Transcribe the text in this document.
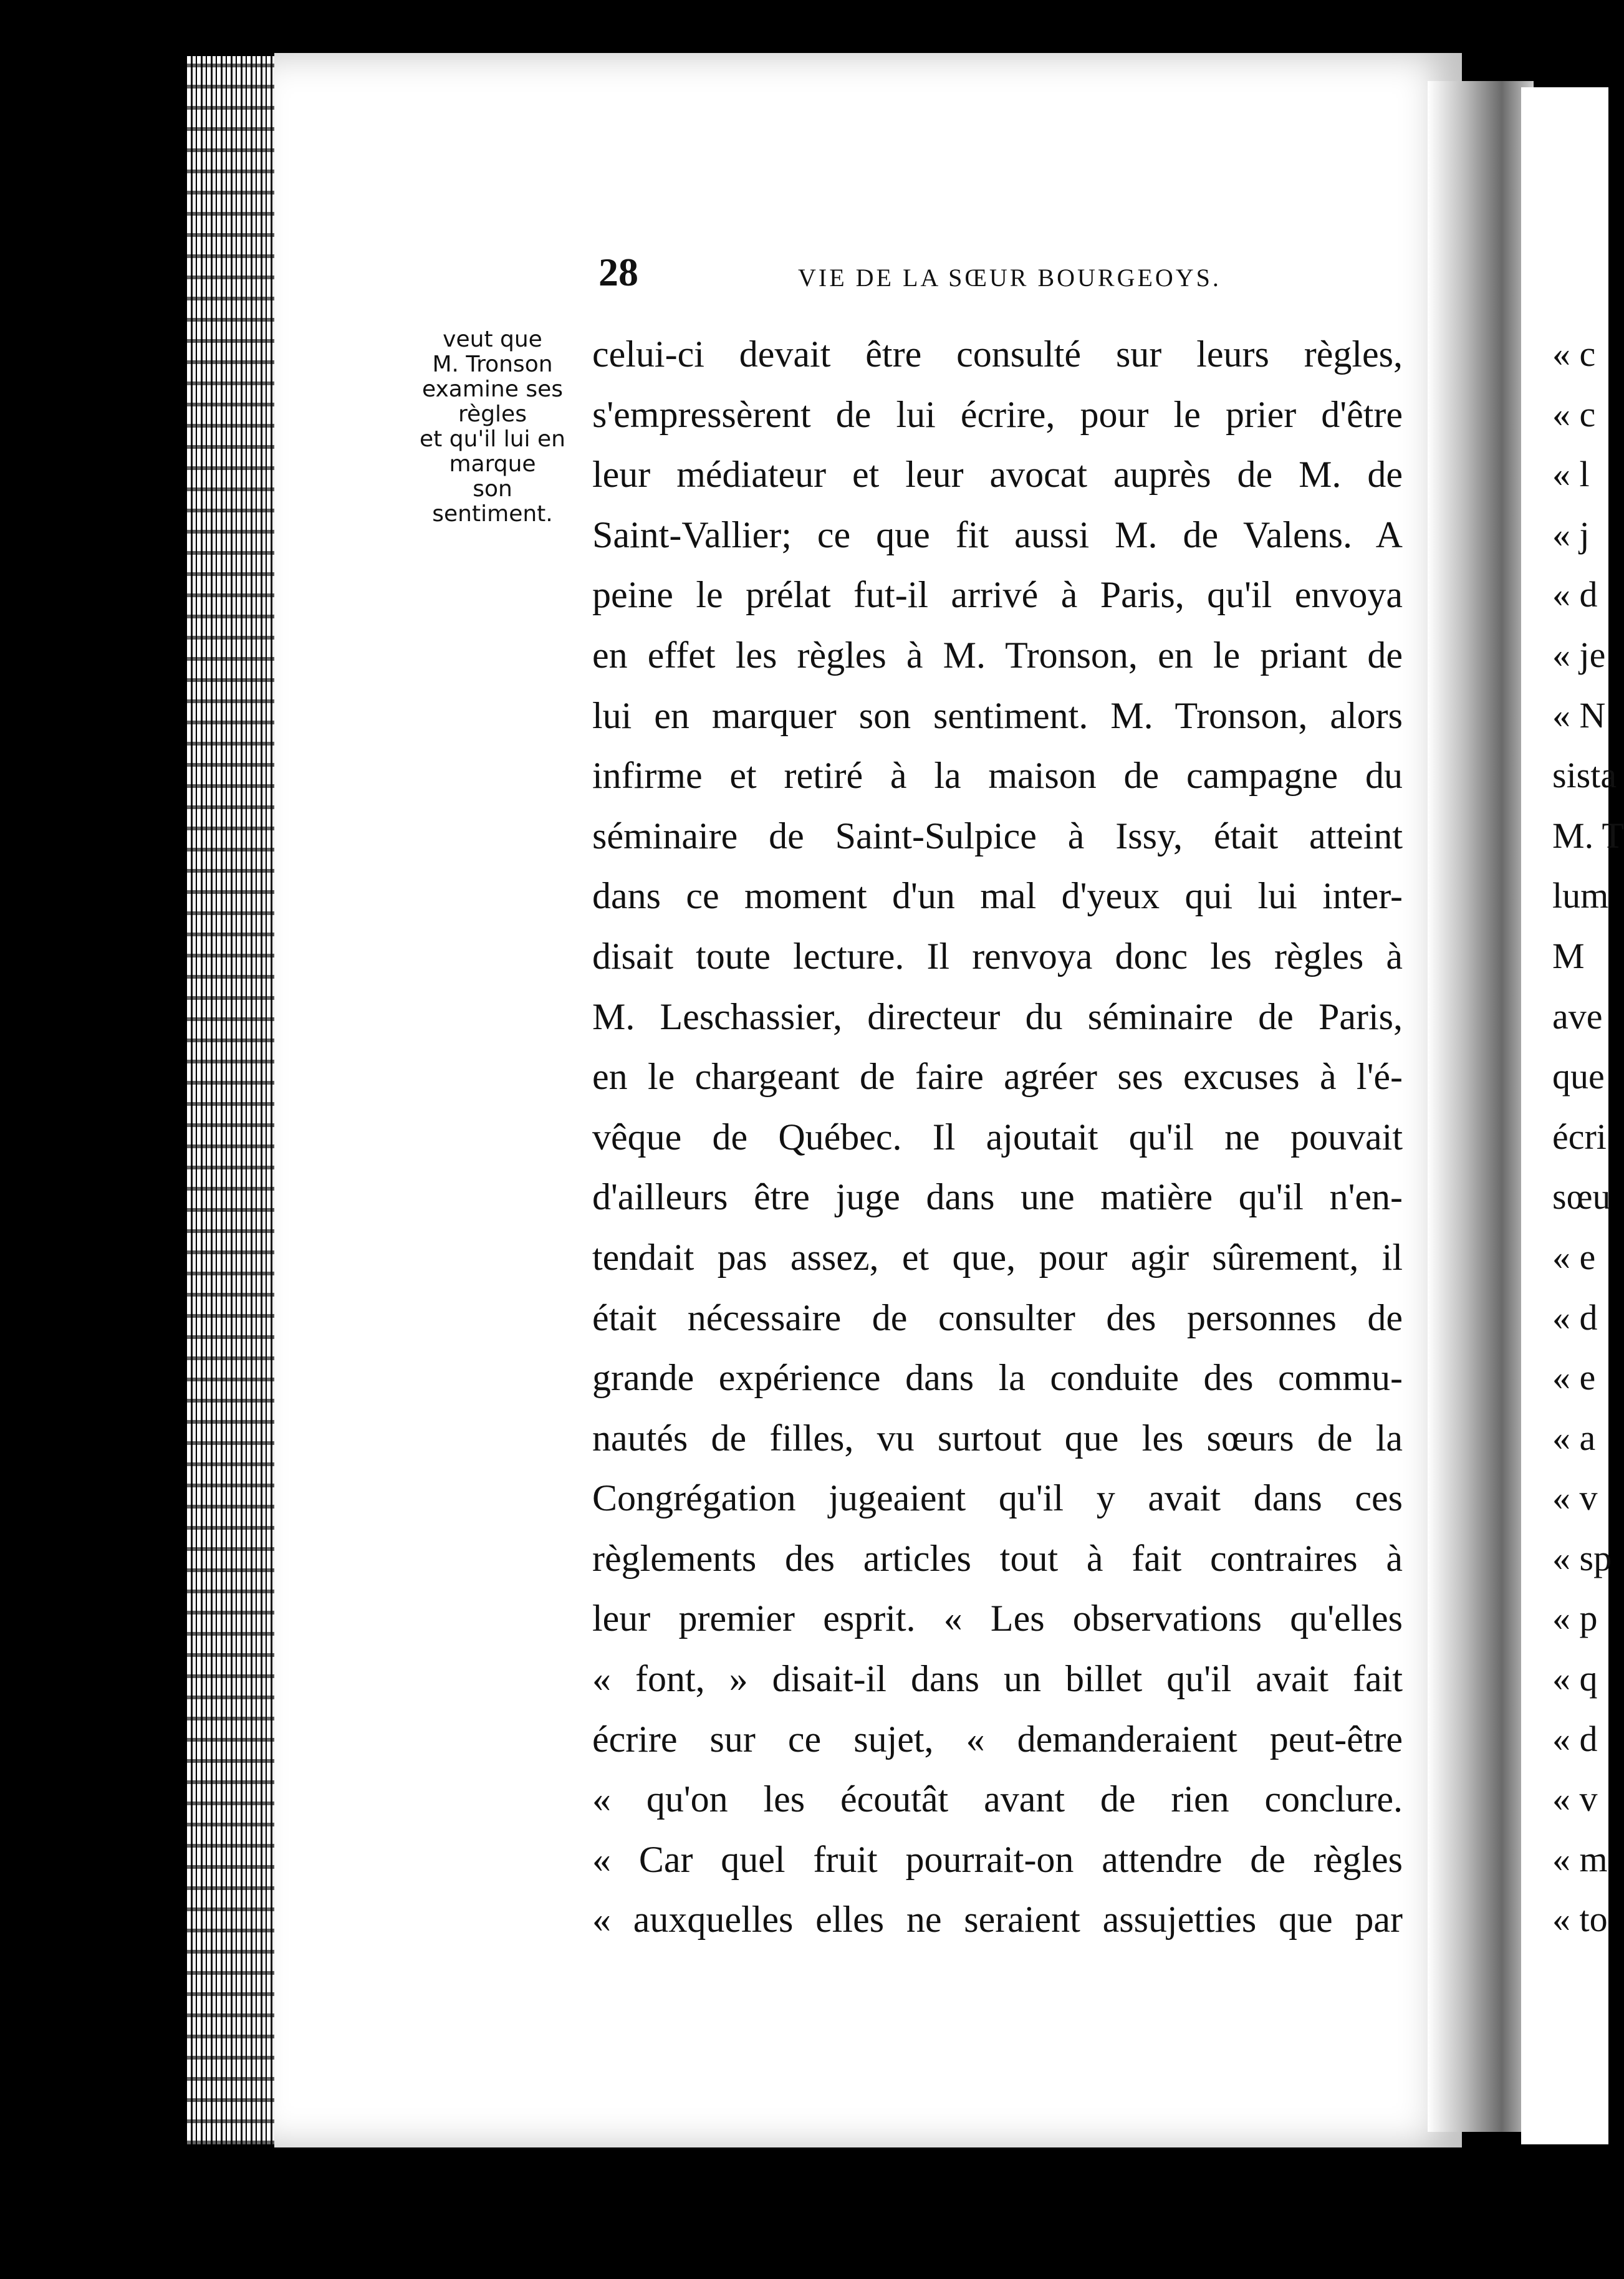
28	VIE DE LA SŒUR BOURGEOYS.
veut que
M. Tronson
examine ses
règles
et qu'il lui en
marque
son
sentiment.
celui-ci devait être consulté sur leurs règles,
s'empressèrent de lui écrire, pour le prier d'être
leur médiateur et leur avocat auprès de M. de
Saint-Vallier; ce que fit aussi M. de Valens. A
peine le prélat fut-il arrivé à Paris, qu'il envoya
en effet les règles à M. Tronson, en le priant de
lui en marquer son sentiment. M. Tronson, alors
infirme et retiré à la maison de campagne du
séminaire de Saint-Sulpice à Issy, était atteint
dans ce moment d'un mal d'yeux qui lui inter-
disait toute lecture. Il renvoya donc les règles à
M. Leschassier, directeur du séminaire de Paris,
en le chargeant de faire agréer ses excuses à l'é-
vêque de Québec. Il ajoutait qu'il ne pouvait
d'ailleurs être juge dans une matière qu'il n'en-
tendait pas assez, et que, pour agir sûrement, il
était nécessaire de consulter des personnes de
grande expérience dans la conduite des commu-
nautés de filles, vu surtout que les sœurs de la
Congrégation jugeaient qu'il y avait dans ces
règlements des articles tout à fait contraires à
leur premier esprit. « Les observations qu'elles
« font, » disait-il dans un billet qu'il avait fait
écrire sur ce sujet, « demanderaient peut-être
« qu'on les écoutât avant de rien conclure.
« Car quel fruit pourrait-on attendre de règles
« auxquelles elles ne seraient assujetties que par
« c
« c
« l
« j
« d
« je
« N
sista
M. T
lum
M
ave
que
écri
sœu
« e
« d
« e
« a
« v
« sp
« p
« q
« d
« v
« m
« to
